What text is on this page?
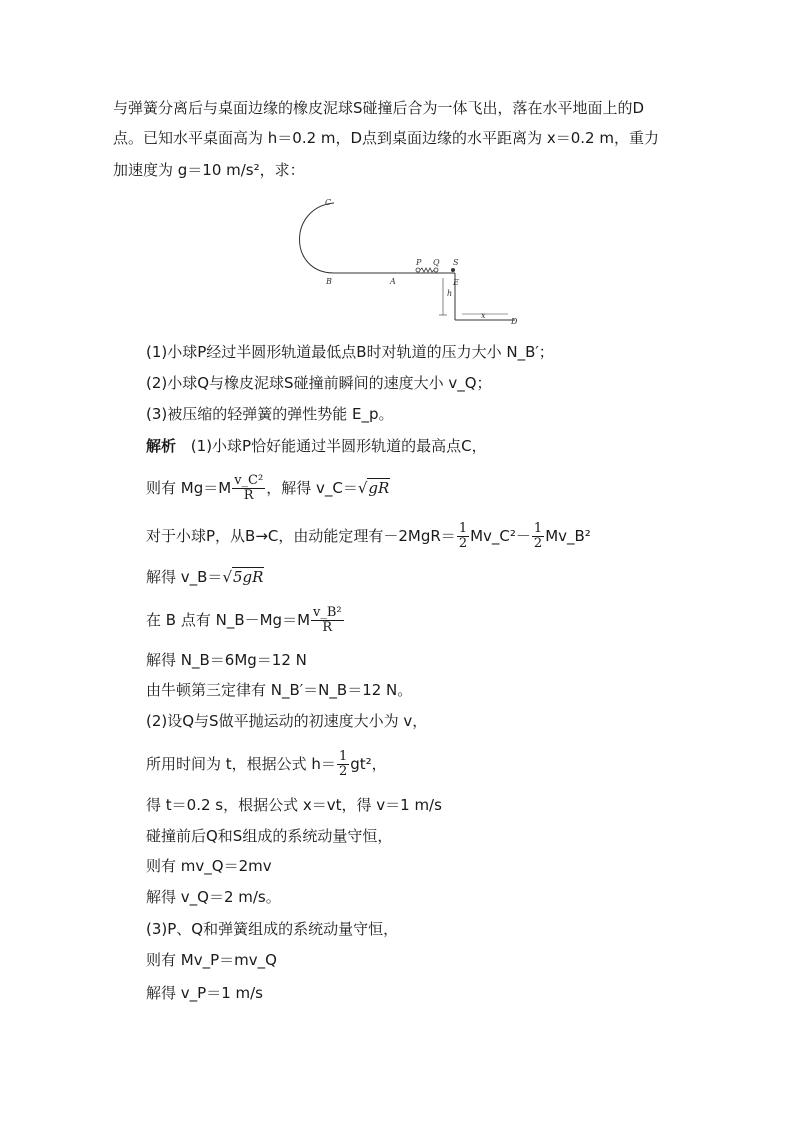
与弹簧分离后与桌面边缘的橡皮泥球S碰撞后合为一体飞出，落在水平地面上的D
点。已知水平桌面高为 h＝0.2 m，D点到桌面边缘的水平距离为 x＝0.2 m，重力
加速度为 g＝10 m/s²，求：
C
B	A
P Q S
E
h
x
D
(1)小球P经过半圆形轨道最低点B时对轨道的压力大小 N_B′；
(2)小球Q与橡皮泥球S碰撞前瞬间的速度大小 v_Q；
(3)被压缩的轻弹簧的弹性势能 E_p。
解析 (1)小球P恰好能通过半圆形轨道的最高点C，
则有 $Mg=M \frac{\text{v\_C²}}{R}$ ，解得 v_C＝√gR
对于小球P，从B→C，由动能定理有$-2MgR= \frac{1}{2}$ Mv_C²－ $\frac{1}{2}$ Mv_B²
解得 v_B＝√5gR
在 B 点有 N_B－Mg＝M $\frac{\text{v\_B²}}{R}$
解得 N_B＝6Mg＝12 N
由牛顿第三定律有 N_B′＝N_B＝12 N。
(2)设Q与S做平抛运动的初速度大小为 v，
所用时间为 t，根据公式 $h= \frac{1}{2} gt^2$，
得 t＝0.2 s，根据公式 x＝vt，得 v＝1 m/s
碰撞前后Q和S组成的系统动量守恒，
则有 mv_Q＝2mv
解得 v_Q＝2 m/s。
(3)P、Q和弹簧组成的系统动量守恒，
则有 Mv_P＝mv_Q
解得 v_P＝1 m/s
